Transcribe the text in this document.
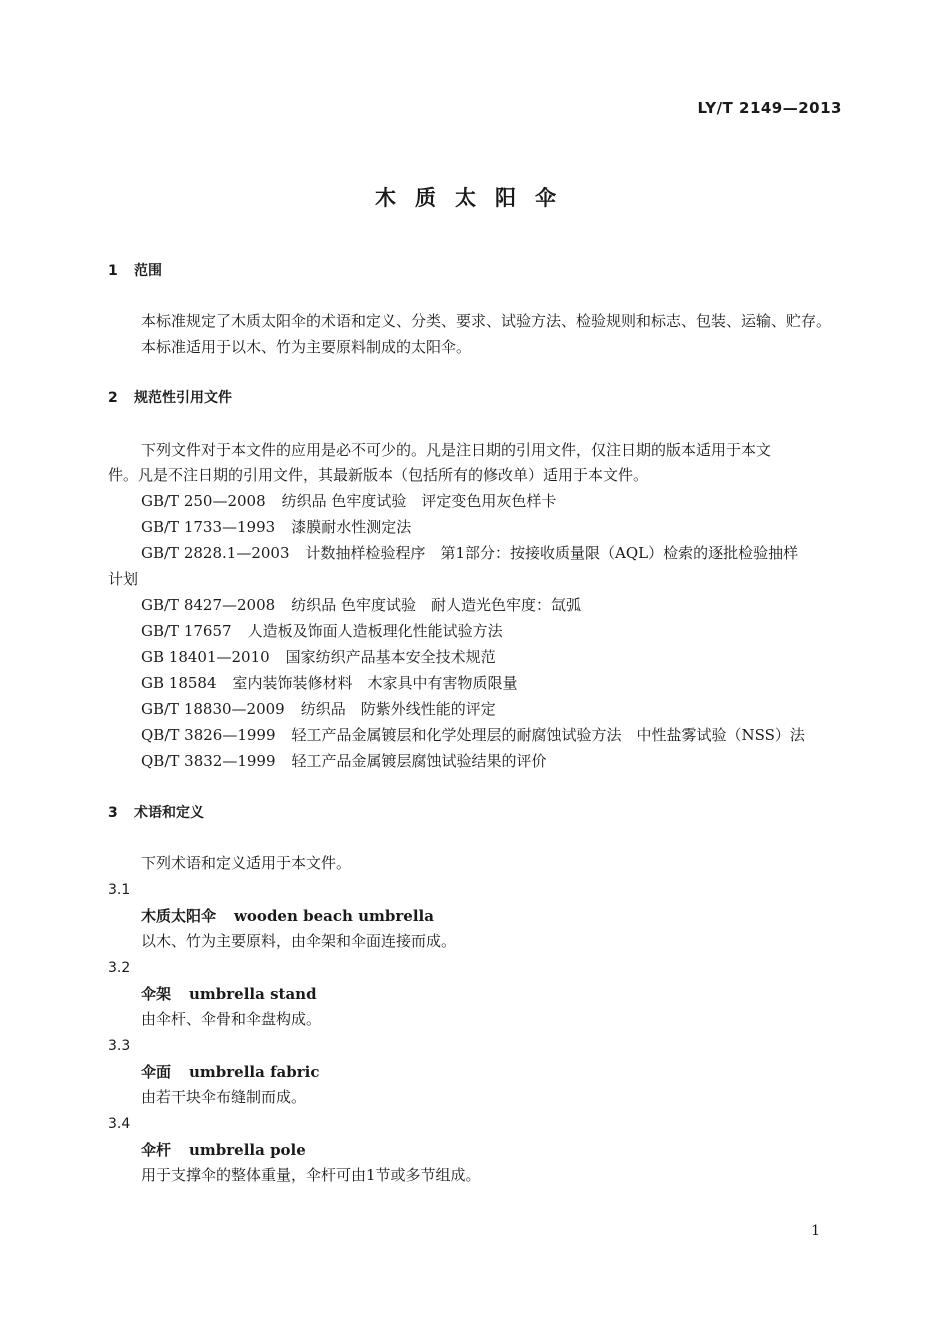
LY/T 2149—2013
木质太阳伞
1 范围
本标准规定了木质太阳伞的术语和定义、分类、要求、试验方法、检验规则和标志、包装、运输、贮存。
本标准适用于以木、竹为主要原料制成的太阳伞。
2 规范性引用文件
下列文件对于本文件的应用是必不可少的。凡是注日期的引用文件，仅注日期的版本适用于本文
件。凡是不注日期的引用文件，其最新版本（包括所有的修改单）适用于本文件。
GB/T 250—2008 纺织品 色牢度试验　评定变色用灰色样卡
GB/T 1733—1993 漆膜耐水性测定法
GB/T 2828.1—2003 计数抽样检验程序　第1部分：按接收质量限（AQL）检索的逐批检验抽样
计划
GB/T 8427—2008 纺织品 色牢度试验　耐人造光色牢度：氙弧
GB/T 17657 人造板及饰面人造板理化性能试验方法
GB 18401—2010 国家纺织产品基本安全技术规范
GB 18584 室内装饰装修材料　木家具中有害物质限量
GB/T 18830—2009 纺织品　防紫外线性能的评定
QB/T 3826—1999 轻工产品金属镀层和化学处理层的耐腐蚀试验方法　中性盐雾试验（NSS）法
QB/T 3832—1999 轻工产品金属镀层腐蚀试验结果的评价
3 术语和定义
下列术语和定义适用于本文件。
3.1
木质太阳伞 wooden beach umbrella
以木、竹为主要原料，由伞架和伞面连接而成。
3.2
伞架 umbrella stand
由伞杆、伞骨和伞盘构成。
3.3
伞面 umbrella fabric
由若干块伞布缝制而成。
3.4
伞杆 umbrella pole
用于支撑伞的整体重量，伞杆可由1节或多节组成。
1
